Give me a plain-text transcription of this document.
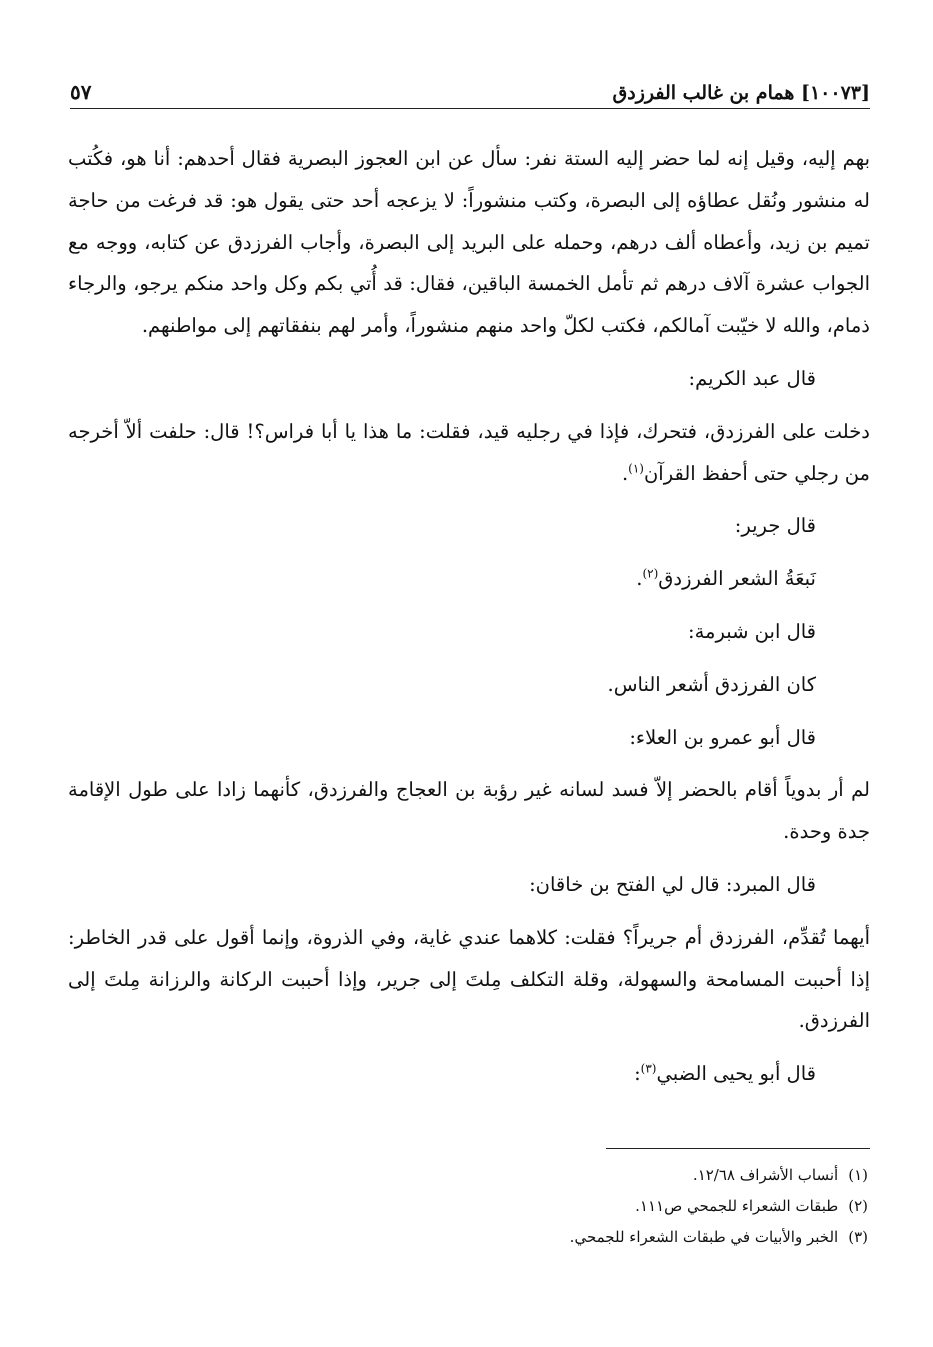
٥٧	[١٠٠٧٣] همام بن غالب الفرزدق

بهم إليه، وقيل إنه لما حضر إليه الستة نفر: سأل عن ابن العجوز البصرية فقال أحدهم: أنا هو، فكُتب له منشور ونُقل عطاؤه إلى البصرة، وكتب منشوراً: لا يزعجه أحد حتى يقول هو: قد فرغت من حاجة تميم بن زيد، وأعطاه ألف درهم، وحمله على البريد إلى البصرة، وأجاب الفرزدق عن كتابه، ووجه مع الجواب عشرة آلاف درهم ثم تأمل الخمسة الباقين، فقال: قد أُتي بكم وكل واحد منكم يرجو، والرجاء ذمام، والله لا خيّبت آمالكم، فكتب لكلّ واحد منهم منشوراً، وأمر لهم بنفقاتهم إلى مواطنهم.

قال عبد الكريم:

دخلت على الفرزدق، فتحرك، فإذا في رجليه قيد، فقلت: ما هذا يا أبا فراس؟! قال: حلفت ألاّ أخرجه من رجلي حتى أحفظ القرآن$^{(١)}$.

قال جرير:

نَبعَةُ الشعر الفرزدق$^{(٢)}$.

قال ابن شبرمة:

كان الفرزدق أشعر الناس.

قال أبو عمرو بن العلاء:

لم أر بدوياً أقام بالحضر إلاّ فسد لسانه غير رؤبة بن العجاج والفرزدق، كأنهما زادا على طول الإقامة جدة وحدة.

قال المبرد: قال لي الفتح بن خاقان:

أيهما تُقدِّم، الفرزدق أم جريراً؟ فقلت: كلاهما عندي غاية، وفي الذروة، وإنما أقول على قدر الخاطر: إذا أحببت المسامحة والسهولة، وقلة التكلف مِلتَ إلى جرير، وإذا أحببت الركانة والرزانة مِلتَ إلى الفرزدق.

قال أبو يحيى الضبي$^{(٣)}$:

(١)أنساب الأشراف ١٢/٦٨.
(٢)طبقات الشعراء للجمحي ص١١١.
(٣)الخبر والأبيات في طبقات الشعراء للجمحي.
